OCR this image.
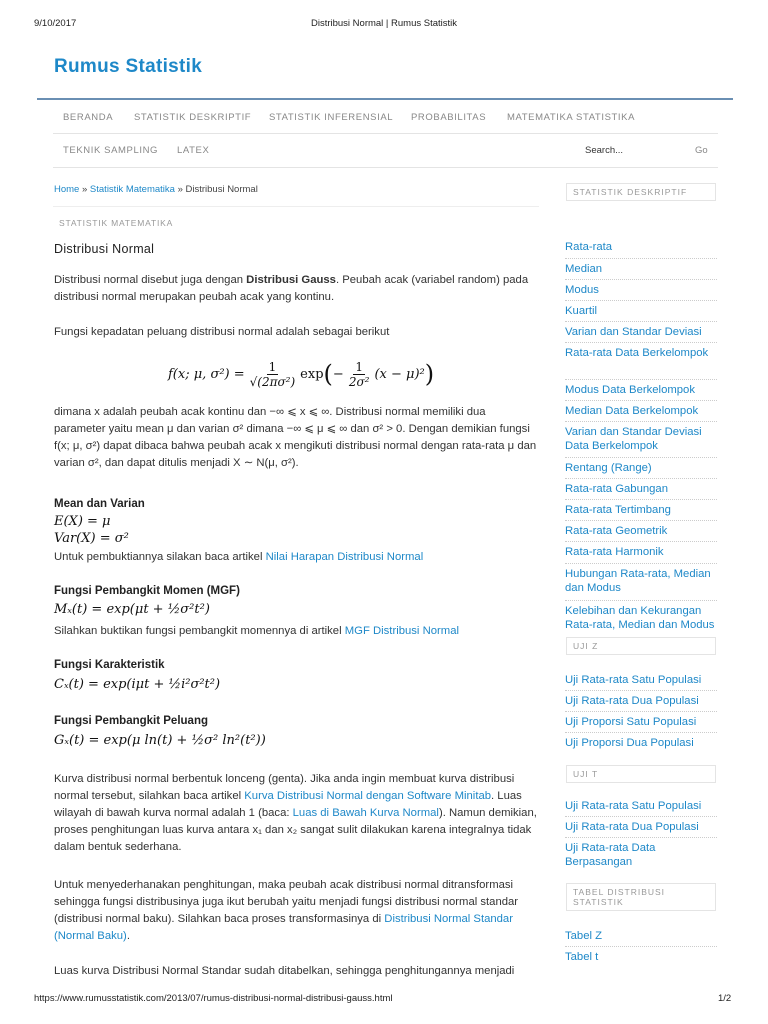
9/10/2017	Distribusi Normal | Rumus Statistik
Rumus Statistik
BERANDA STATISTIK DESKRIPTIF STATISTIK INFERENSIAL PROBABILITAS MATEMATIKA STATISTIKA
TEKNIK SAMPLING LATEX	Search...	Go
Home » Statistik Matematika » Distribusi Normal
STATISTIK MATEMATIKA
Distribusi Normal
Distribusi normal disebut juga dengan Distribusi Gauss. Peubah acak (variabel random) pada distribusi normal merupakan peubah acak yang kontinu.
Fungsi kepadatan peluang distribusi normal adalah sebagai berikut
f(x; μ, $\sigma^2) = \frac{1}{\text{√(2πσ²)}}$ exp ( − $\frac{1}{\text{2σ²}} (x - \mu)^2$ )
dimana x adalah peubah acak kontinu dan −∞ ⩽ x ⩽ ∞. Distribusi normal memiliki dua parameter yaitu mean μ dan varian σ² dimana −∞ ⩽ μ ⩽ ∞ dan σ² > 0. Dengan demikian fungsi f(x; μ, σ²) dapat dibaca bahwa peubah acak x mengikuti distribusi normal dengan rata-rata μ dan varian σ², dan dapat ditulis menjadi X ∼ N(μ, σ²).
Mean dan Varian
E(X) = μ
Var(X) = σ²
Untuk pembuktiannya silakan baca artikel Nilai Harapan Distribusi Normal
Fungsi Pembangkit Momen (MGF)
Mₓ(t) = exp(μt + ½σ²t²)
Silahkan buktikan fungsi pembangkit momennya di artikel MGF Distribusi Normal
Fungsi Karakteristik
Cₓ(t) = exp(iμt + ½i²σ²t²)
Fungsi Pembangkit Peluang
Gₓ(t) = exp(μ ln(t) + ½σ² ln²(t²))
Kurva distribusi normal berbentuk lonceng (genta). Jika anda ingin membuat kurva distribusi normal tersebut, silahkan baca artikel Kurva Distribusi Normal dengan Software Minitab. Luas wilayah di bawah kurva normal adalah 1 (baca: Luas di Bawah Kurva Normal). Namun demikian, proses penghitungan luas kurva antara x₁ dan x₂ sangat sulit dilakukan karena integralnya tidak dalam bentuk sederhana.
Untuk menyederhanakan penghitungan, maka peubah acak distribusi normal ditransformasi sehingga fungsi distribusinya juga ikut berubah yaitu menjadi fungsi distribusi normal standar (distribusi normal baku). Silahkan baca proses transformasinya di Distribusi Normal Standar (Normal Baku).
Luas kurva Distribusi Normal Standar sudah ditabelkan, sehingga penghitungannya menjadi
STATISTIK DESKRIPTIF
Rata-rata
Median
Modus
Kuartil
Varian dan Standar Deviasi
Rata-rata Data Berkelompok
Modus Data Berkelompok
Median Data Berkelompok
Varian dan Standar Deviasi Data Berkelompok
Rentang (Range)
Rata-rata Gabungan
Rata-rata Tertimbang
Rata-rata Geometrik
Rata-rata Harmonik
Hubungan Rata-rata, Median dan Modus
Kelebihan dan Kekurangan Rata-rata, Median dan Modus
UJI Z
Uji Rata-rata Satu Populasi
Uji Rata-rata Dua Populasi
Uji Proporsi Satu Populasi
Uji Proporsi Dua Populasi
UJI T
Uji Rata-rata Satu Populasi
Uji Rata-rata Dua Populasi
Uji Rata-rata Data Berpasangan
TABEL DISTRIBUSI STATISTIK
Tabel Z
Tabel t
https://www.rumusstatistik.com/2013/07/rumus-distribusi-normal-distribusi-gauss.html	1/2
